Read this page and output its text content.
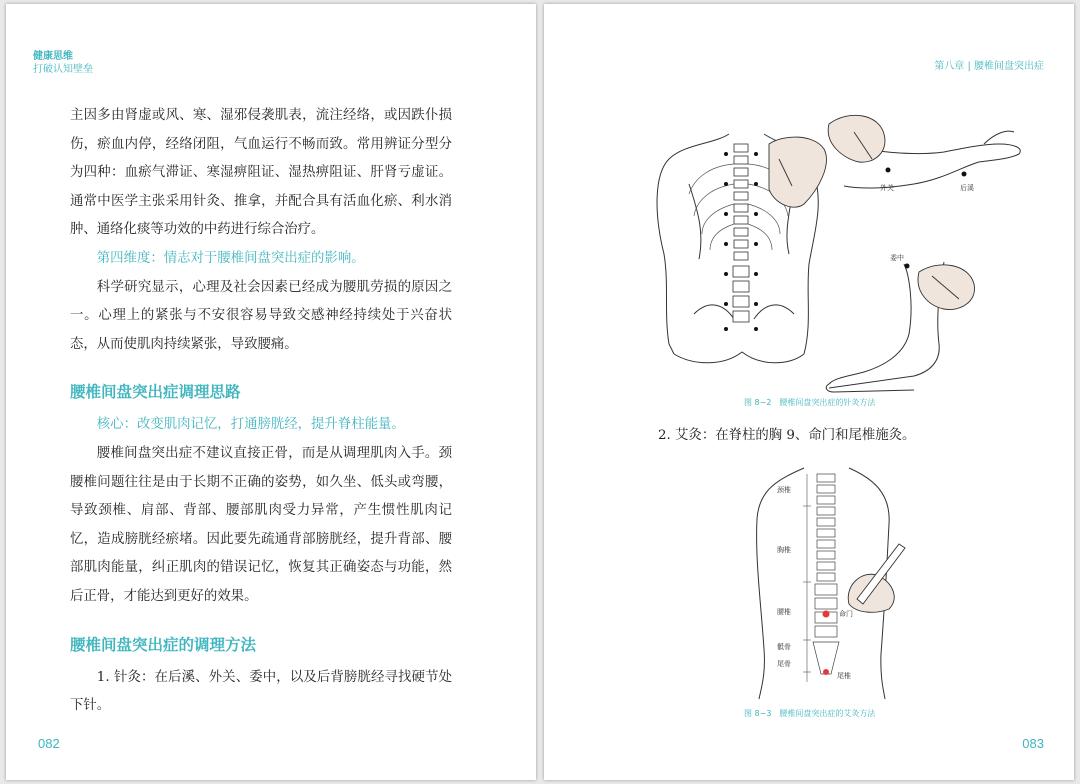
健康思维
打破认知壁垒

主因多由肾虚或风、寒、湿邪侵袭肌表，流注经络，或因跌仆损伤，瘀血内停，经络闭阻，气血运行不畅而致。常用辨证分型分为四种：血瘀气滞证、寒湿痹阻证、湿热痹阻证、肝肾亏虚证。通常中医学主张采用针灸、推拿，并配合具有活血化瘀、利水消肿、通络化痰等功效的中药进行综合治疗。

第四维度：情志对于腰椎间盘突出症的影响。

科学研究显示，心理及社会因素已经成为腰肌劳损的原因之一。心理上的紧张与不安很容易导致交感神经持续处于兴奋状态，从而使肌肉持续紧张，导致腰痛。

腰椎间盘突出症调理思路

核心：改变肌肉记忆，打通膀胱经，提升脊柱能量。

腰椎间盘突出症不建议直接正骨，而是从调理肌肉入手。颈腰椎问题往往是由于长期不正确的姿势，如久坐、低头或弯腰，导致颈椎、肩部、背部、腰部肌肉受力异常，产生惯性肌肉记忆，造成膀胱经瘀堵。因此要先疏通背部膀胱经，提升背部、腰部肌肉能量，纠正肌肉的错误记忆，恢复其正确姿态与功能，然后正骨，才能达到更好的效果。

腰椎间盘突出症的调理方法

1. 针灸：在后溪、外关、委中，以及后背膀胱经寻找硬节处下针。

082
第八章 | 腰椎间盘突出症
外关	后溪
委中
图 8−2　腰椎间盘突出症的针灸方法
2. 艾灸：在脊柱的胸 9、命门和尾椎施灸。
颈椎
胸椎
腰椎
骶骨
尾骨
命门
尾椎
图 8−3　腰椎间盘突出症的艾灸方法
083
